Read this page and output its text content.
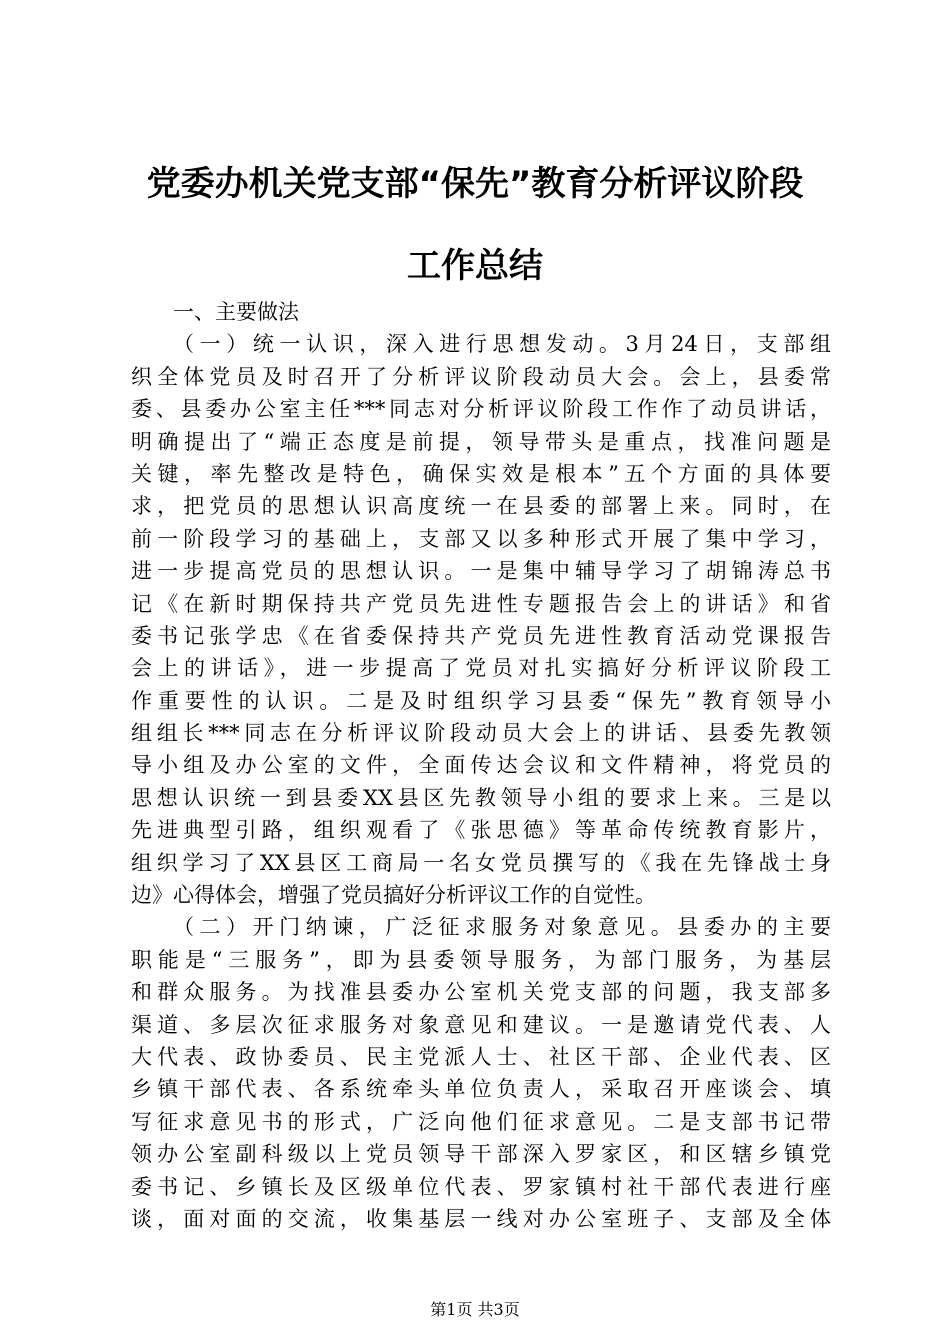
党委办机关党支部“保先”教育分析评议阶段
工作总结
一、主要做法
（一）统一认识，深入进行思想发动。3月24日，支部组
织全体党员及时召开了分析评议阶段动员大会。会上，县委常
委、县委办公室主任***同志对分析评议阶段工作作了动员讲话，
明确提出了“端正态度是前提，领导带头是重点，找准问题是
关键，率先整改是特色，确保实效是根本”五个方面的具体要
求，把党员的思想认识高度统一在县委的部署上来。同时，在
前一阶段学习的基础上，支部又以多种形式开展了集中学习，
进一步提高党员的思想认识。一是集中辅导学习了胡锦涛总书
记《在新时期保持共产党员先进性专题报告会上的讲话》和省
委书记张学忠《在省委保持共产党员先进性教育活动党课报告
会上的讲话》，进一步提高了党员对扎实搞好分析评议阶段工
作重要性的认识。二是及时组织学习县委“保先”教育领导小
组组长***同志在分析评议阶段动员大会上的讲话、县委先教领
导小组及办公室的文件，全面传达会议和文件精神，将党员的
思想认识统一到县委XX县区先教领导小组的要求上来。三是以
先进典型引路，组织观看了《张思德》等革命传统教育影片，
组织学习了XX县区工商局一名女党员撰写的《我在先锋战士身
边》心得体会，增强了党员搞好分析评议工作的自觉性。
（二）开门纳谏，广泛征求服务对象意见。县委办的主要
职能是“三服务”，即为县委领导服务，为部门服务，为基层
和群众服务。为找准县委办公室机关党支部的问题，我支部多
渠道、多层次征求服务对象意见和建议。一是邀请党代表、人
大代表、政协委员、民主党派人士、社区干部、企业代表、区
乡镇干部代表、各系统牵头单位负责人，采取召开座谈会、填
写征求意见书的形式，广泛向他们征求意见。二是支部书记带
领办公室副科级以上党员领导干部深入罗家区，和区辖乡镇党
委书记、乡镇长及区级单位代表、罗家镇村社干部代表进行座
谈，面对面的交流，收集基层一线对办公室班子、支部及全体
第1页 共3页
